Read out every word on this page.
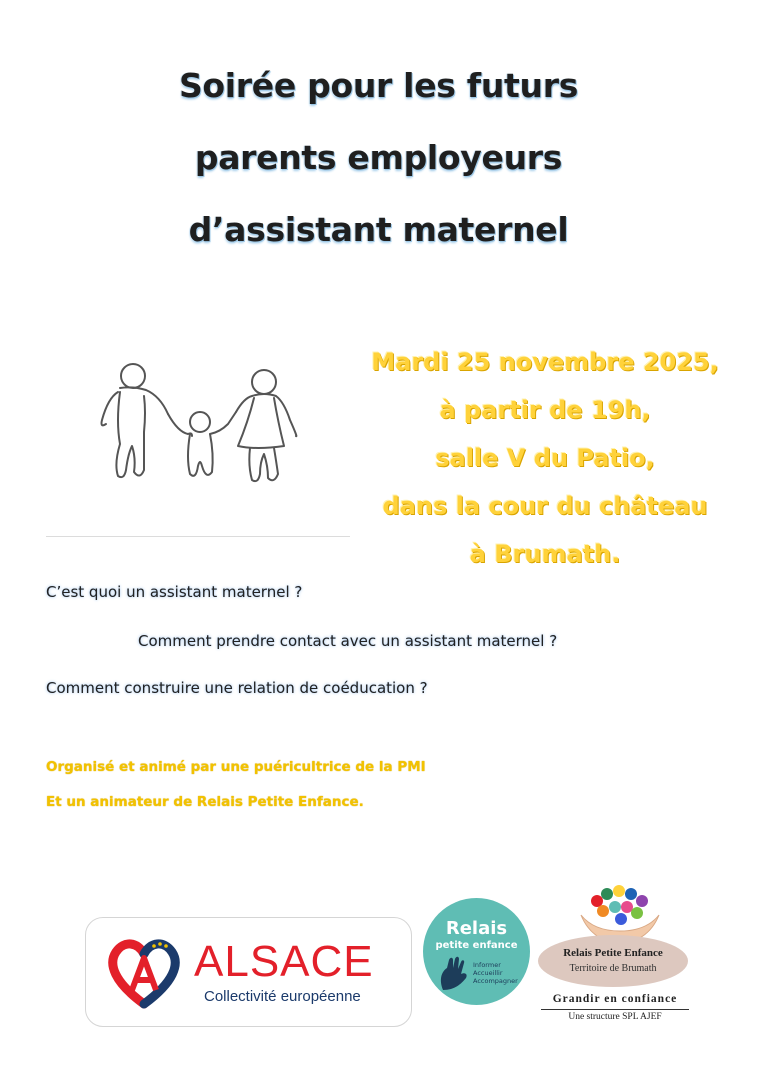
Soirée pour les futurs
parents employeurs
d’assistant maternel
Mardi 25 novembre 2025,
à partir de 19h,
salle V du Patio,
dans la cour du château
à Brumath.
C’est quoi un assistant maternel ?
Comment prendre contact avec un assistant maternel ?
Comment construire une relation de coéducation ?
Organisé et animé par une puéricultrice de la PMI
Et un animateur de Relais Petite Enfance.
ALSACE
Collectivité européenne
Relais
petite enfance
Informer
Accueillir
Accompagner
Relais Petite Enfance
Territoire de Brumath
Grandir en confiance
Une structure SPL AJEF
